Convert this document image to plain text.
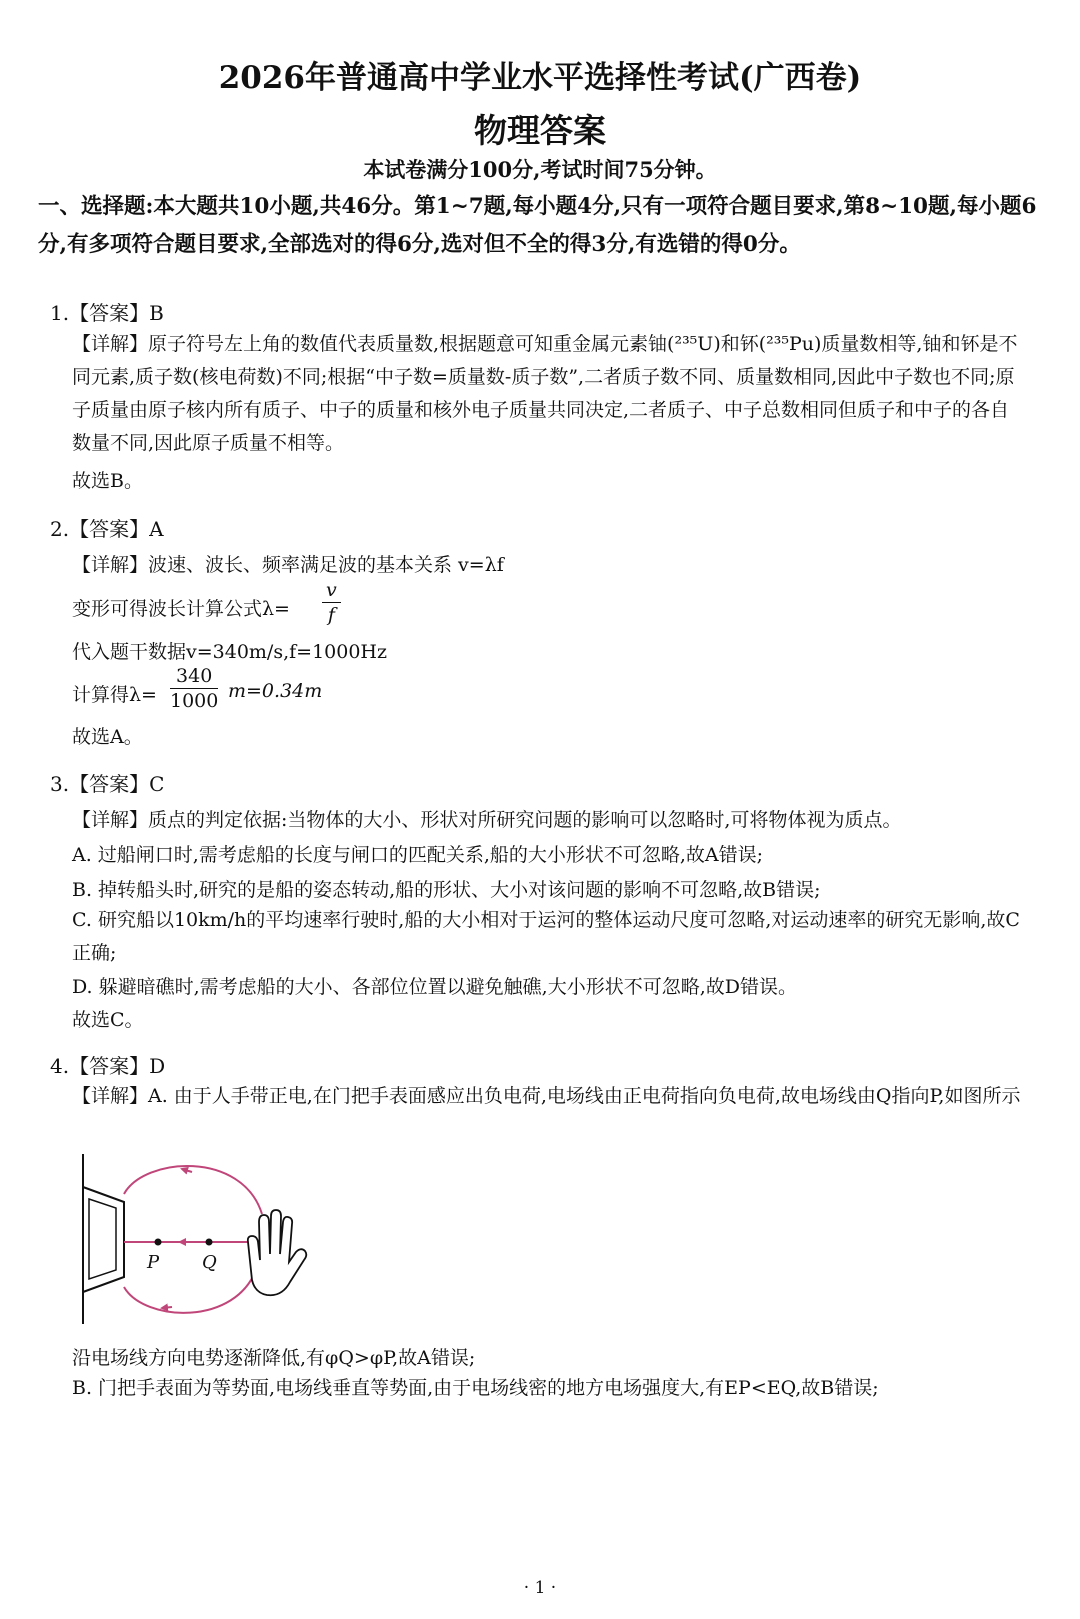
2026年普通高中学业水平选择性考试(广西卷)
物理答案
本试卷满分100分,考试时间75分钟。
一、选择题:本大题共10小题,共46分。第1~7题,每小题4分,只有一项符合题目要求,第8~10题,每小题6分,有多项符合题目要求,全部选对的得6分,选对但不全的得3分,有选错的得0分。
1.【答案】B
【详解】原子符号左上角的数值代表质量数,根据题意可知重金属元素铀(²³⁵U)和钚(²³⁵Pu)质量数相等,铀和钚是不同元素,质子数(核电荷数)不同;根据“中子数=质量数-质子数”,二者质子数不同、质量数相同,因此中子数也不同;原子质量由原子核内所有质子、中子的质量和核外电子质量共同决定,二者质子、中子总数相同但质子和中子的各自数量不同,因此原子质量不相等。
故选B。
2.【答案】A
【详解】波速、波长、频率满足波的基本关系 v=λf
变形可得波长计算公式$\lambda= \frac{v}{f}$
代入题干数据v=340m/s,f=1000Hz
计算得$\lambda= \frac{340}{1000} m=0.34m$
故选A。
3.【答案】C
【详解】质点的判定依据:当物体的大小、形状对所研究问题的影响可以忽略时,可将物体视为质点。
A. 过船闸口时,需考虑船的长度与闸口的匹配关系,船的大小形状不可忽略,故A错误;
B. 掉转船头时,研究的是船的姿态转动,船的形状、大小对该问题的影响不可忽略,故B错误;
C. 研究船以10km/h的平均速率行驶时,船的大小相对于运河的整体运动尺度可忽略,对运动速率的研究无影响,故C正确;
D. 躲避暗礁时,需考虑船的大小、各部位位置以避免触礁,大小形状不可忽略,故D错误。
故选C。
4.【答案】D
【详解】A. 由于人手带正电,在门把手表面感应出负电荷,电场线由正电荷指向负电荷,故电场线由Q指向P,如图所示
P Q
沿电场线方向电势逐渐降低,有φQ>φP,故A错误;
B. 门把手表面为等势面,电场线垂直等势面,由于电场线密的地方电场强度大,有EP<EQ,故B错误;
· 1 ·
